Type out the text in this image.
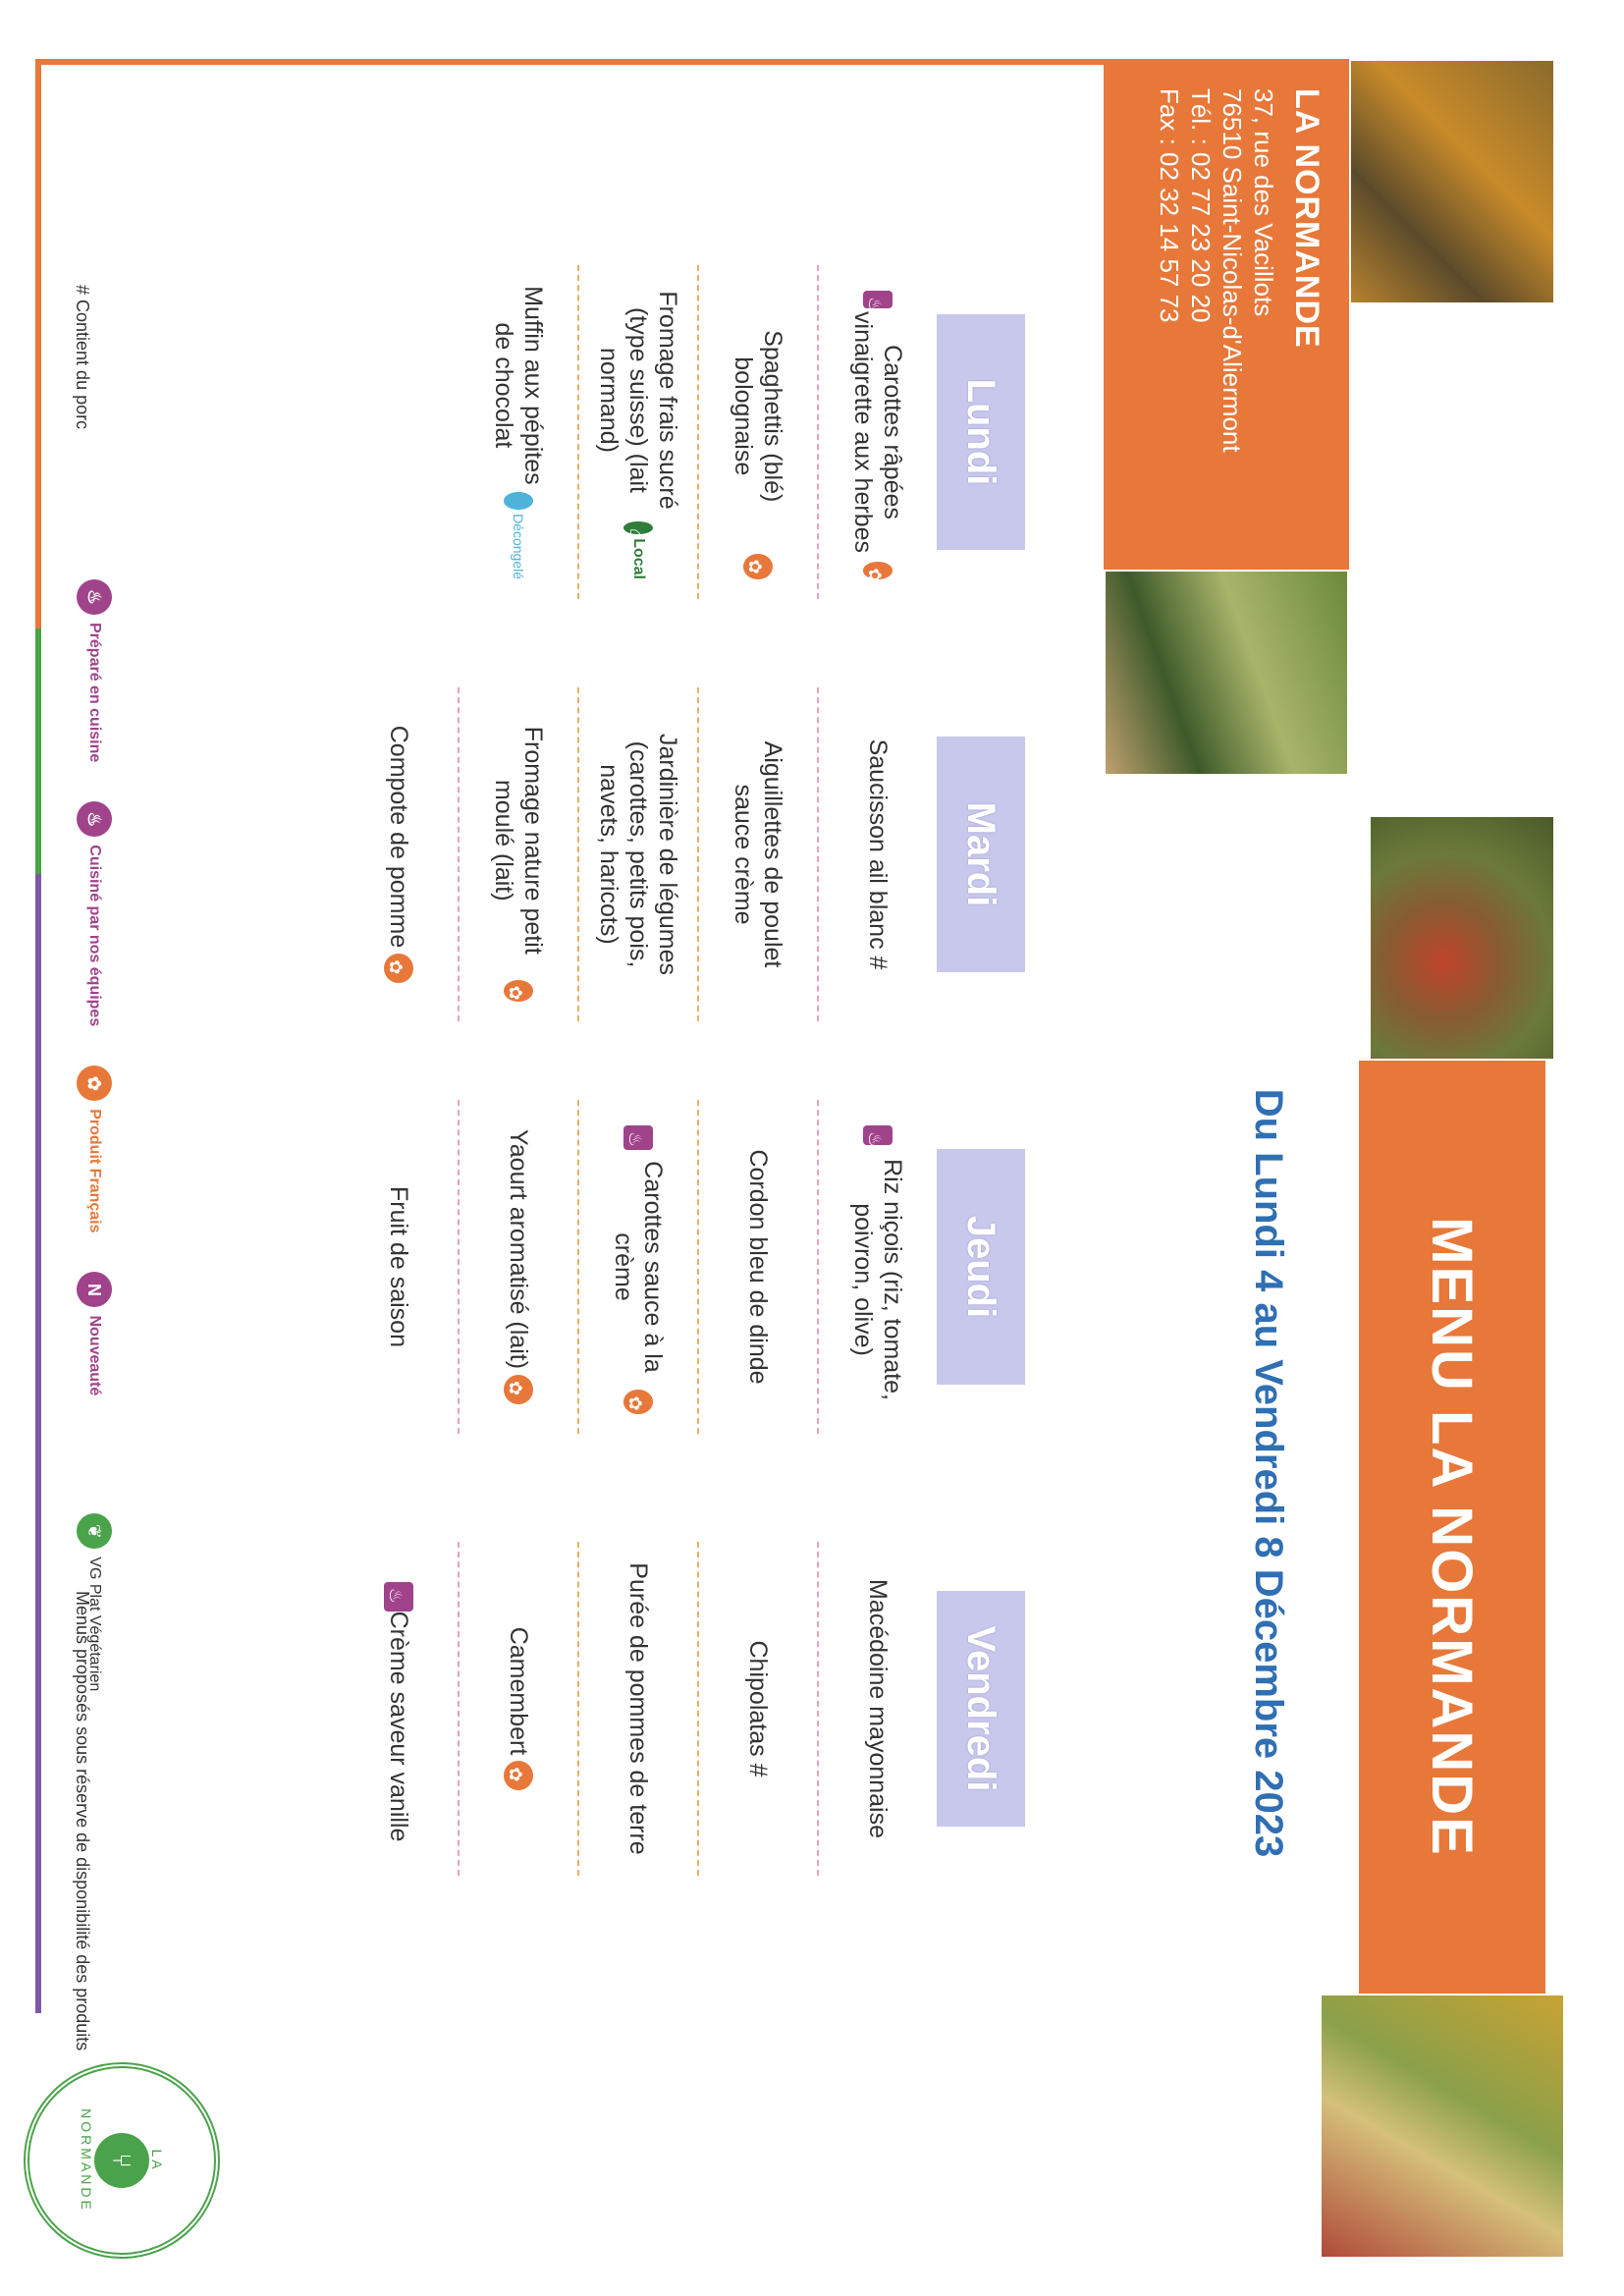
LA NORMANDE
37, rue des Vacillots
76510 Saint-Nicolas-d'Aliermont
Tél. : 02 77 23 20 20
Fax : 02 32 14 57 73
MENU LA NORMANDE
Du Lundi 4 au Vendredi 8 Décembre 2023
Lundi
♨
Carottes râpées vinaigrette aux herbes
✿
Spaghettis (blé) bolognaise
✿
Fromage frais sucré (type suisse) (lait normand)
⌂
Local
Muffin aux pépites de chocolat
Décongelé
Mardi
Saucisson ail blanc #
Aiguillettes de poulet sauce crème
Jardinière de légumes (carottes, petits pois, navets, haricots)
Fromage nature petit moulé (lait)
✿
Compote de pomme
✿
Jeudi
♨
Riz niçois (riz, tomate, poivron, olive)
Cordon bleu de dinde
♨
Carottes sauce à la crème
✿
Yaourt aromatisé (lait)
✿
Fruit de saison
Vendredi
Macédoine mayonnaise
Chipolatas #
Purée de pommes de terre
Camembert
✿
♨
Crème saveur vanille
# Contient du porc
♨
Préparé en cuisine
♨
Cuisiné par nos équipes
✿
Produit Français
N
Nouveauté
❦
VG Plat Végétarien
Menus proposés sous réserve de disponibilité des produits
LA
⑂
NORMANDE
